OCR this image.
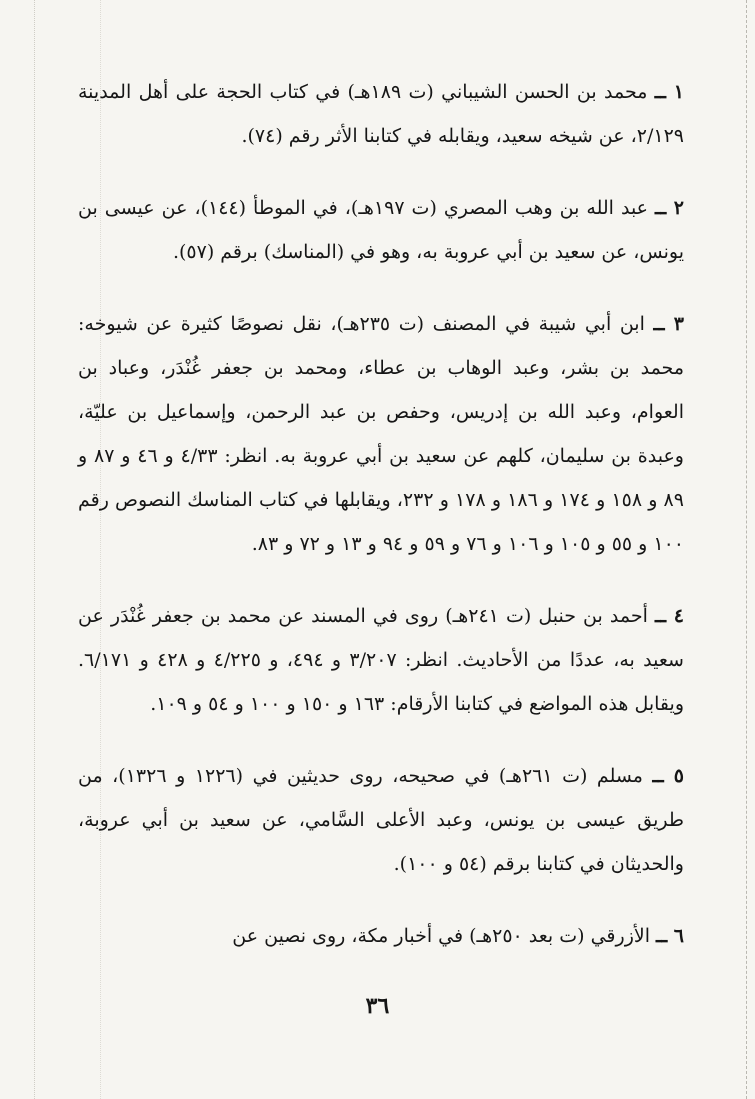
١ ــ محمد بن الحسن الشيباني (ت ١٨٩هـ) في كتاب الحجة على أهل المدينة ٢/١٢٩، عن شيخه سعيد، ويقابله في كتابنا الأثر رقم (٧٤).

٢ ــ عبد الله بن وهب المصري (ت ١٩٧هـ)، في الموطأ (١٤٤)، عن عيسى بن يونس، عن سعيد بن أبي عروبة به، وهو في (المناسك) برقم (٥٧).

٣ ــ ابن أبي شيبة في المصنف (ت ٢٣٥هـ)، نقل نصوصًا كثيرة عن شيوخه: محمد بن بشر، وعبد الوهاب بن عطاء، ومحمد بن جعفر غُنْدَر، وعباد بن العوام، وعبد الله بن إدريس، وحفص بن عبد الرحمن، وإسماعيل بن عليّة، وعبدة بن سليمان، كلهم عن سعيد بن أبي عروبة به. انظر: ٤/٣٣ و ٤٦ و ٨٧ و ٨٩ و ١٥٨ و ١٧٤ و ١٨٦ و ١٧٨ و ٢٣٢، ويقابلها في كتاب المناسك النصوص رقم ١٠٠ و ٥٥ و ١٠٥ و ١٠٦ و ٧٦ و ٥٩ و ٩٤ و ١٣ و ٧٢ و ٨٣.

٤ ــ أحمد بن حنبل (ت ٢٤١هـ) روى في المسند عن محمد بن جعفر غُنْدَر عن سعيد به، عددًا من الأحاديث. انظر: ٣/٢٠٧ و ٤٩٤، و ٤/٢٢٥ و ٤٢٨ و ٦/١٧١. ويقابل هذه المواضع في كتابنا الأرقام: ١٦٣ و ١٥٠ و ١٠٠ و ٥٤ و ١٠٩.

٥ ــ مسلم (ت ٢٦١هـ) في صحيحه، روى حديثين في (١٢٢٦ و ١٣٢٦)، من طريق عيسى بن يونس، وعبد الأعلى السَّامي، عن سعيد بن أبي عروبة، والحديثان في كتابنا برقم (٥٤ و ١٠٠).

٦ ــ الأزرقي (ت بعد ٢٥٠هـ) في أخبار مكة، روى نصين عن

٣٦
